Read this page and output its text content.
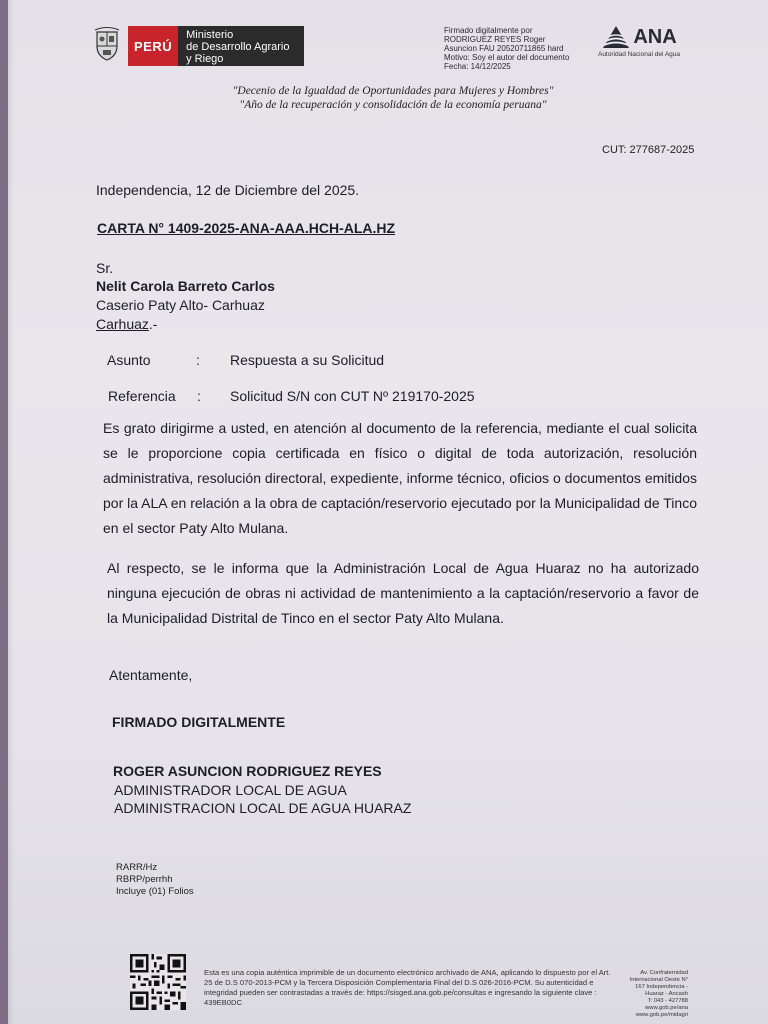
PERÚ
Ministerio
de Desarrollo Agrario
y Riego
Firmado digitalmente por
RODRIGUEZ REYES Roger
Asuncion FAU 20520711865 hard
Motivo: Soy el autor del documento
Fecha: 14/12/2025
ANA
Autoridad Nacional del Agua
"Decenio de la Igualdad de Oportunidades para Mujeres y Hombres"
"Año de la recuperación y consolidación de la economía peruana"
CUT: 277687-2025
Independencia, 12 de Diciembre del 2025.
CARTA N° 1409-2025-ANA-AAA.HCH-ALA.HZ
Sr.
Nelit Carola Barreto Carlos
Caserio Paty Alto- Carhuaz
Carhuaz.-
Asunto	: Respuesta a su Solicitud
Referencia : Solicitud S/N con CUT Nº 219170-2025
Es grato dirigirme a usted, en atención al documento de la referencia, mediante el cual solicita se le proporcione copia certificada en físico o digital de toda autorización, resolución administrativa, resolución directoral, expediente, informe técnico, oficios o documentos emitidos por la ALA en relación a la obra de captación/reservorio ejecutado por la Municipalidad de Tinco en el sector Paty Alto Mulana.
Al respecto, se le informa que la Administración Local de Agua Huaraz no ha autorizado ninguna ejecución de obras ni actividad de mantenimiento a la captación/reservorio a favor de la Municipalidad Distrital de Tinco en el sector Paty Alto Mulana.
Atentamente,
FIRMADO DIGITALMENTE
ROGER ASUNCION RODRIGUEZ REYES
ADMINISTRADOR LOCAL DE AGUA
ADMINISTRACION LOCAL DE AGUA HUARAZ
RARR/Hz
RBRP/perrhh
Incluye (01) Folios
Esta es una copia auténtica imprimible de un documento electrónico archivado de ANA, aplicando lo dispuesto por el Art. 25 de D.S 070-2013-PCM y la Tercera Disposición Complementaria Final del D.S 026-2016-PCM. Su autenticidad e integridad pueden ser contrastadas a través de: https://sisged.ana.gob.pe/consultas e ingresando la siguiente clave : 439EB0DC
Av. Confraternidad
Internacional Oeste N°
167 Independencia -
Huaraz - Ancash
T: 043 - 427788
www.gob.pe/ana
www.gob.pe/midagri
